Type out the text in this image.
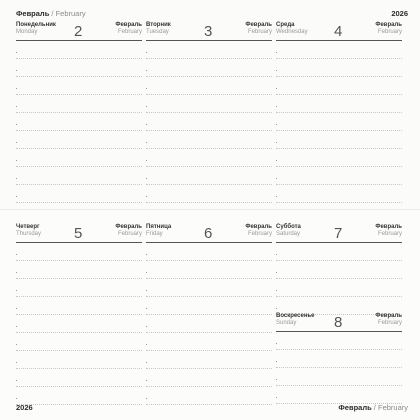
Февраль / February	2026
Понедельник
Monday 2	Февраль
February
Вторник
Tuesday 3	Февраль
February
Среда
Wednesday 4	Февраль
February
Четверг
Thursday 5	Февраль
February
Пятница
Friday	6	Февраль
February
Суббота
Saturday 7	Февраль
February
Воскресенье
Sunday	8	Февраль
February
2026	Февраль / February
